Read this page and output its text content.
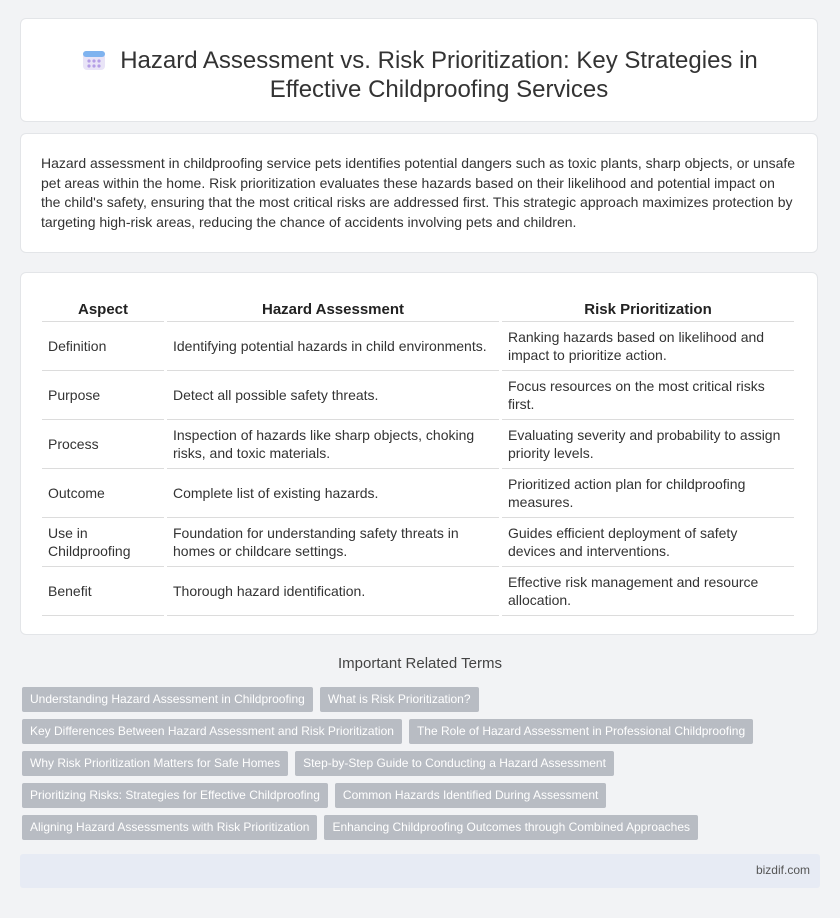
Hazard Assessment vs. Risk Prioritization: Key Strategies in Effective Childproofing Services

Hazard assessment in childproofing service pets identifies potential dangers such as toxic plants, sharp objects, or unsafe pet areas within the home. Risk prioritization evaluates these hazards based on their likelihood and potential impact on the child's safety, ensuring that the most critical risks are addressed first. This strategic approach maximizes protection by targeting high-risk areas, reducing the chance of accidents involving pets and children.

Aspect	Hazard Assessment	Risk Prioritization
Definition	Identifying potential hazards in child environments.	Ranking hazards based on likelihood and impact to prioritize action.
Purpose	Detect all possible safety threats.	Focus resources on the most critical risks first.
Process	Inspection of hazards like sharp objects, choking risks, and toxic materials.	Evaluating severity and probability to assign priority levels.
Outcome	Complete list of existing hazards.	Prioritized action plan for childproofing measures.
Use in Childproofing	Foundation for understanding safety threats in homes or childcare settings.	Guides efficient deployment of safety devices and interventions.
Benefit	Thorough hazard identification.	Effective risk management and resource allocation.
Important Related Terms
Understanding Hazard Assessment in Childproofing	What is Risk Prioritization?
Key Differences Between Hazard Assessment and Risk Prioritization	The Role of Hazard Assessment in Professional Childproofing
Why Risk Prioritization Matters for Safe Homes	Step-by-Step Guide to Conducting a Hazard Assessment
Prioritizing Risks: Strategies for Effective Childproofing	Common Hazards Identified During Assessment
Aligning Hazard Assessments with Risk Prioritization	Enhancing Childproofing Outcomes through Combined Approaches
bizdif.com
